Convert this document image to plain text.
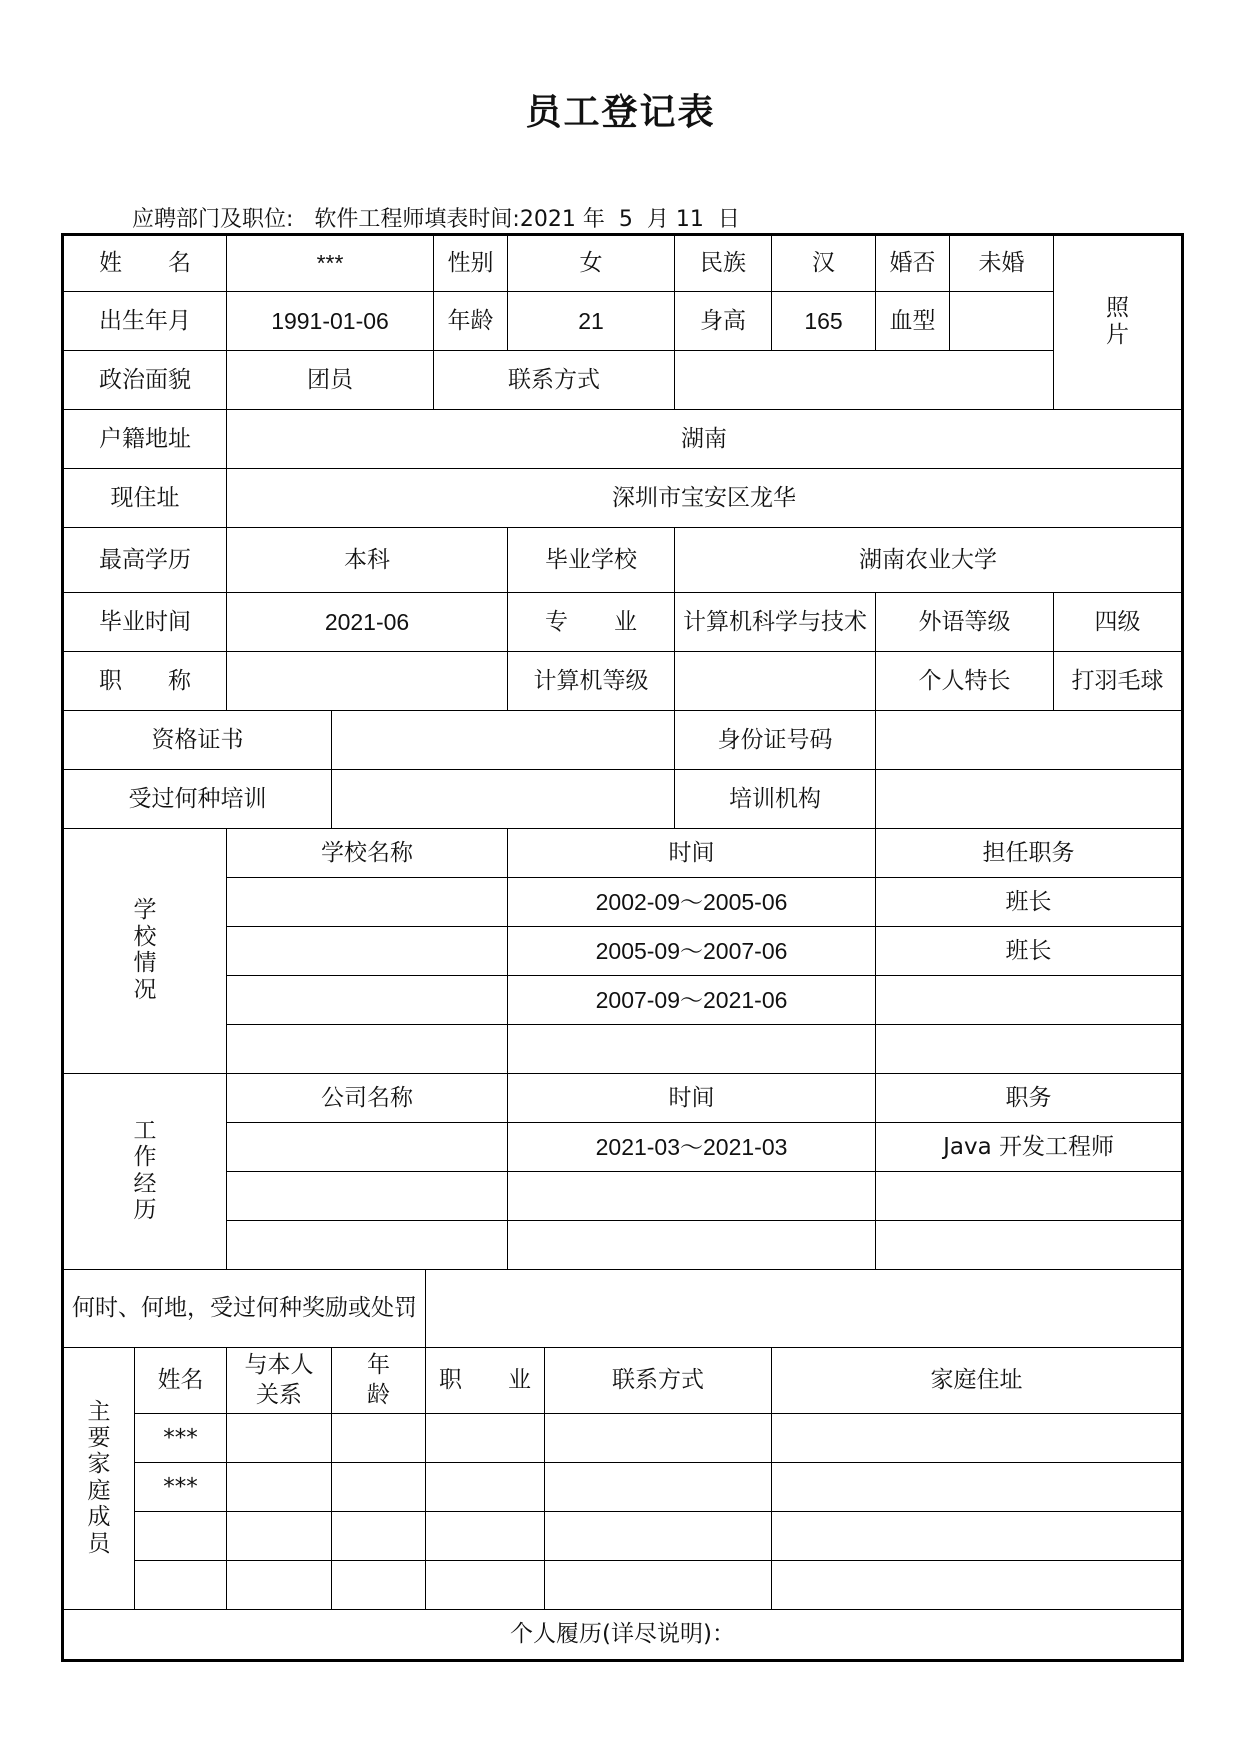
员工登记表
应聘部门及职位: 软件工程师填表时间:2021 年 5 月 11 日
姓　　名		***			性别	女		民族	汉	婚否	未婚	照片
出生年月		1991-01-06			年龄	21		身高	165	血型		
政治面貌		团员			联系方式							
户籍地址		湖南										
现住址		深圳市宝安区龙华										
最高学历		本科				毕业学校		湖南农业大学				
毕业时间		2021-06				专　　业		计算机科学与技术		外语等级		四级
职　　称						计算机等级				个人特长		打羽毛球
资格证书								身份证号码				
受过何种培训								培训机构				
学校情况		学校名称				时间				担任职务		
						2002-09～2005-06				班长		
						2005-09～2007-06				班长		
						2007-09～2021-06						

工作经历		公司名称				时间				职务		
						2021-03～2021-03				Java 开发工程师		

何时、何地，受过何种奖励或处罚												
主要家庭成员	姓名	与本人关系	年龄	职　　业			联系方式		家庭住址			
	***											
	***											

个人履历(详尽说明)：												
